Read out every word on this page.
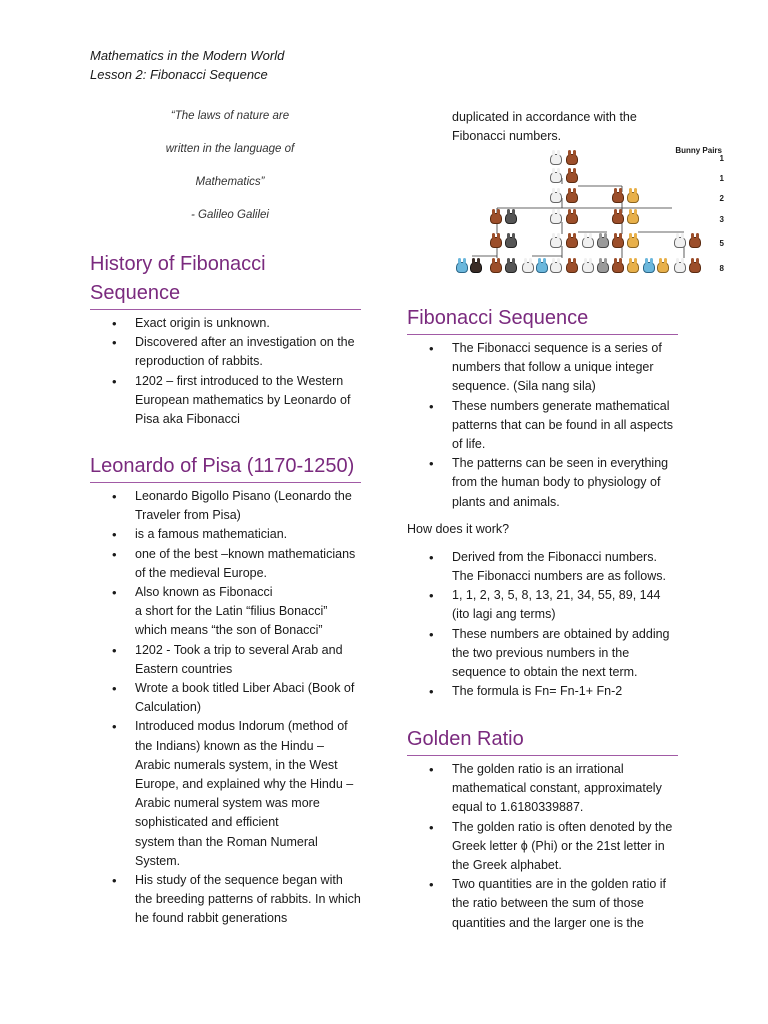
Mathematics in the Modern World
Lesson 2: Fibonacci Sequence
“The laws of nature are
written in the language of
Mathematics”
- Galileo Galilei
History of Fibonacci
Sequence
• Exact origin is unknown.
• Discovered after an investigation on the reproduction of rabbits.
• 1202 – first introduced to the Western European mathematics by Leonardo of Pisa aka Fibonacci
Leonardo of Pisa (1170-1250)
• Leonardo Bigollo Pisano (Leonardo the Traveler from Pisa)
• is a famous mathematician.
• one of the best –known mathematicians of the medieval Europe.
• Also known as Fibonacci
a short for the Latin “filius Bonacci” which means “the son of Bonacci”
• 1202 - Took a trip to several Arab and Eastern countries
• Wrote a book titled Liber Abaci (Book of Calculation)
• Introduced modus Indorum (method of the Indians) known as the Hindu – Arabic numerals system, in the West Europe, and explained why the Hindu – Arabic numeral system was more sophisticated and efficient
system than the Roman Numeral System.
• His study of the sequence began with the breeding patterns of rabbits. In which he found rabbit generations
duplicated in accordance with the Fibonacci numbers.
Bunny Pairs
1
1
2
3
5
8
Fibonacci Sequence
• The Fibonacci sequence is a series of numbers that follow a unique integer sequence. (Sila nang sila)
• These numbers generate mathematical patterns that can be found in all aspects of life.
• The patterns can be seen in everything from the human body to physiology of plants and animals.
How does it work?
• Derived from the Fibonacci numbers. The Fibonacci numbers are as follows.
• 1, 1, 2, 3, 5, 8, 13, 21, 34, 55, 89, 144 (ito lagi ang terms)
• These numbers are obtained by adding the two previous numbers in the sequence to obtain the next term.
• The formula is Fn= Fn-1+ Fn-2
Golden Ratio
• The golden ratio is an irrational mathematical constant, approximately equal to 1.6180339887.
• The golden ratio is often denoted by the Greek letter ϕ (Phi) or the 21st letter in the Greek alphabet.
• Two quantities are in the golden ratio if the ratio between the sum of those quantities and the larger one is the
